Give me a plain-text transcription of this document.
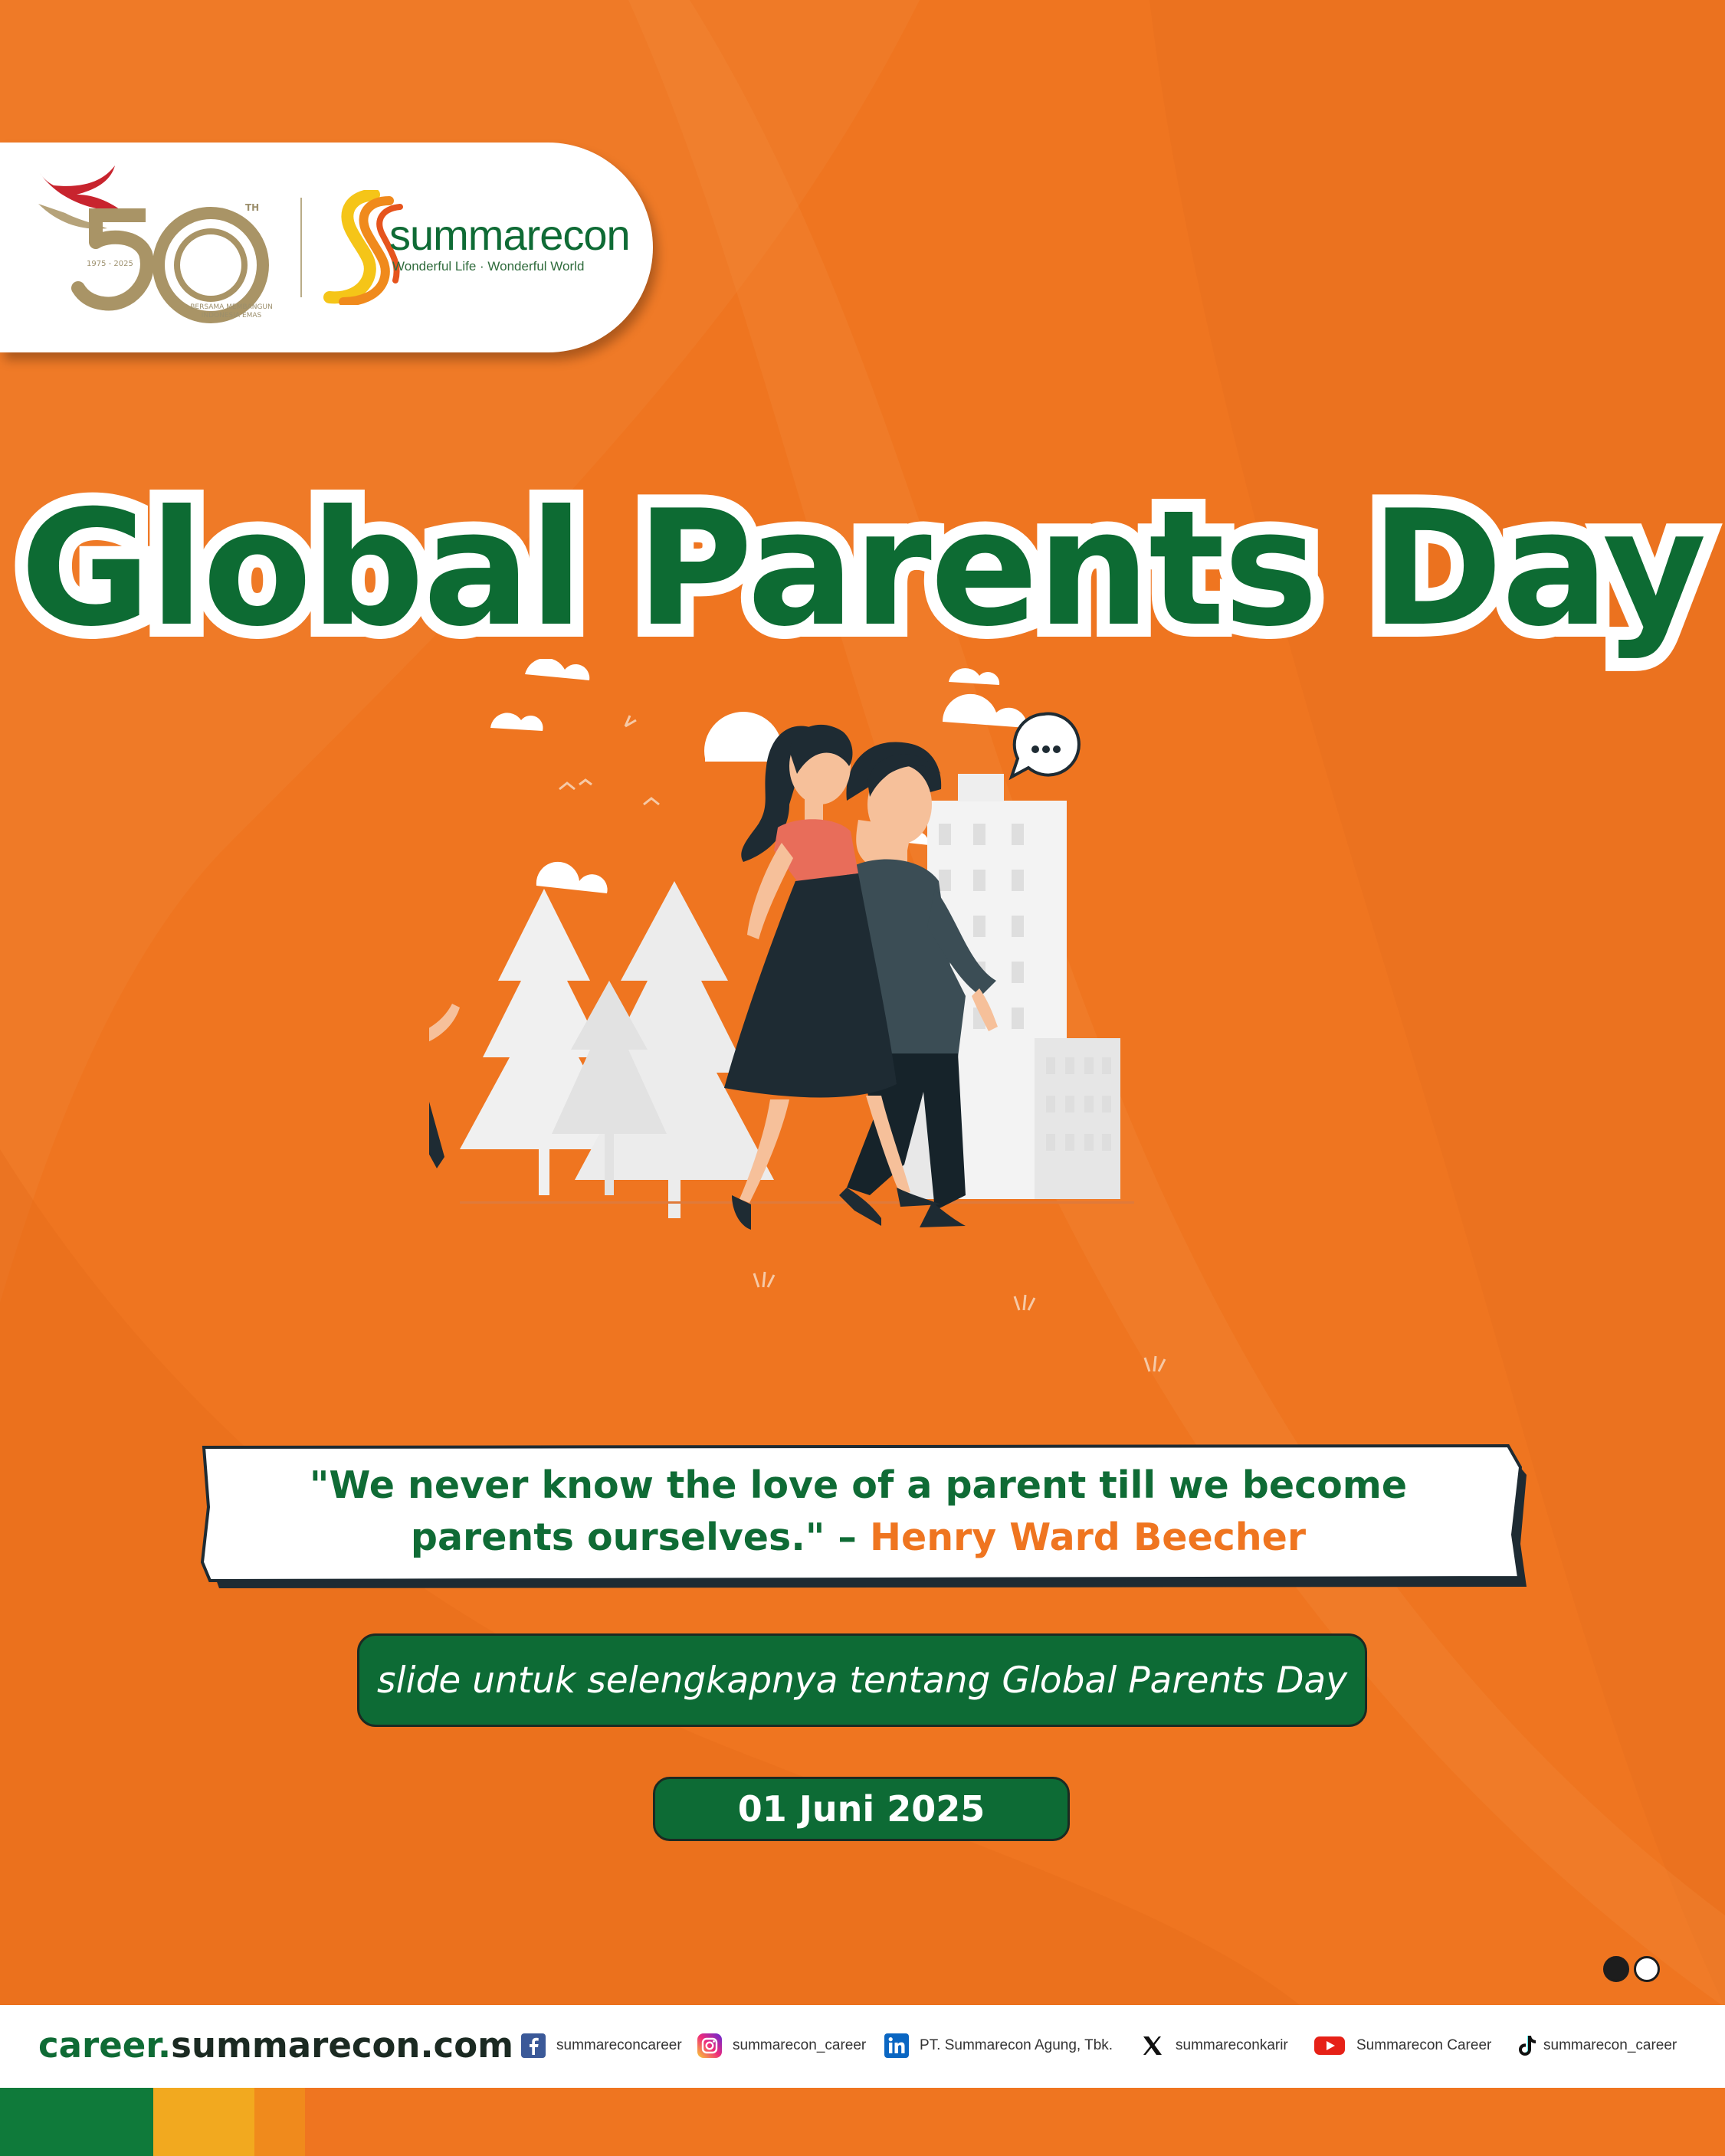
TH
1975 - 2025
BERSAMA MEMBANGUN INDONESIA EMAS
summarecon
Wonderful Life · Wonderful World
Global Parents Day
"We never know the love of a parent till we become parents ourselves." – Henry Ward Beecher
slide untuk selengkapnya tentang Global Parents Day
01 Juni 2025
career.summarecon.com	summareconcareer	summarecon_career	PT. Summarecon Agung, Tbk.	summareconkarir	Summarecon Career	summarecon_career
